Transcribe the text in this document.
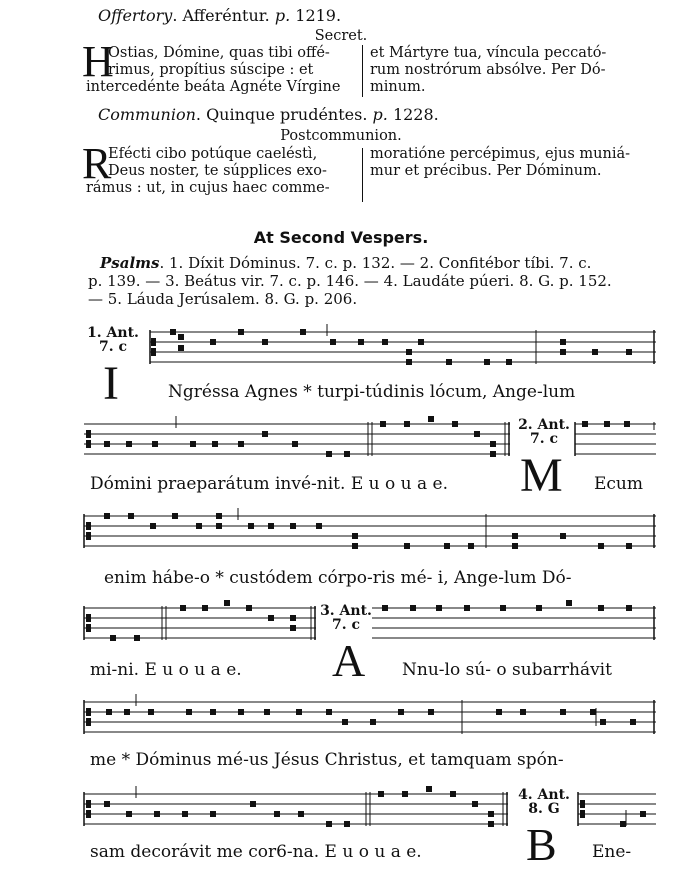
Offertory. Afferéntur. p. 1219.
Secret.
H
Ostias, Dómine, quas tibi offé-
rimus, propítius súscipe : et
intercedénte beáta Agnéte Vírgine
et Mártyre tua, víncula peccató-
rum nostrórum absólve. Per Dó-
minum.
Communion. Quinque prudéntes. p. 1228.
Postcommunion.
R
Efécti cibo potúque caeléstì,
Deus noster, te súpplices exo-
rámus : ut, in cujus haec comme-
moratióne percépimus, ejus muniá-
mur et précibus. Per Dóminum.
At Second Vespers.
Psalms. 1. Díxit Dóminus. 7. c. p. 132. — 2. Confitébor tíbi. 7. c.
p. 139. — 3. Beátus vir. 7. c. p. 146. — 4. Laudáte púeri. 8. G. p. 152.
— 5. Láuda Jerúsalem. 8. G. p. 206.
1. Ant.
7. c
I	Ngréssa Agnes * turpi-túdinis lócum, Angе-lum
2. Ant.
7. c
Dómini praeparátum invé-nit. E u o u a e. M Ecum
enim hábe-o * custódem córpo-ris mé- i, Ange-lum Dó-
3. Ant.
7. c
mi-ni. E u o u a e. A Nnu-lo sú- o subarrhávit
me * Dóminus mé-us Jésus Christus, et tamquam spón-
4. Ant.
8. G
sam decorávit me cor6-na. E u o u a e. B Ene-
